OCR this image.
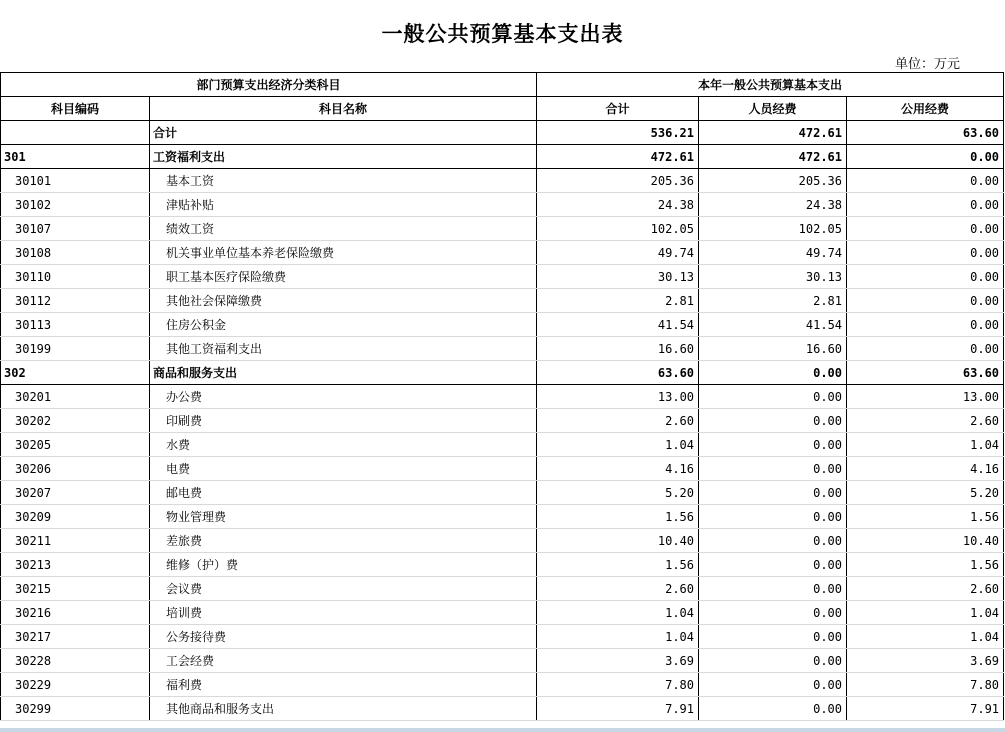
一般公共预算基本支出表
单位：万元
部门预算支出经济分类科目		本年一般公共预算基本支出		
科目编码	科目名称	合计	人员经费	公用经费
	合计	536.21	472.61	63.60
301	工资福利支出	472.61	472.61	0.00
30101	基本工资	205.36	205.36	0.00
30102	津贴补贴	24.38	24.38	0.00
30107	绩效工资	102.05	102.05	0.00
30108	机关事业单位基本养老保险缴费	49.74	49.74	0.00
30110	职工基本医疗保险缴费	30.13	30.13	0.00
30112	其他社会保障缴费	2.81	2.81	0.00
30113	住房公积金	41.54	41.54	0.00
30199	其他工资福利支出	16.60	16.60	0.00
302	商品和服务支出	63.60	0.00	63.60
30201	办公费	13.00	0.00	13.00
30202	印刷费	2.60	0.00	2.60
30205	水费	1.04	0.00	1.04
30206	电费	4.16	0.00	4.16
30207	邮电费	5.20	0.00	5.20
30209	物业管理费	1.56	0.00	1.56
30211	差旅费	10.40	0.00	10.40
30213	维修（护）费	1.56	0.00	1.56
30215	会议费	2.60	0.00	2.60
30216	培训费	1.04	0.00	1.04
30217	公务接待费	1.04	0.00	1.04
30228	工会经费	3.69	0.00	3.69
30229	福利费	7.80	0.00	7.80
30299	其他商品和服务支出	7.91	0.00	7.91
